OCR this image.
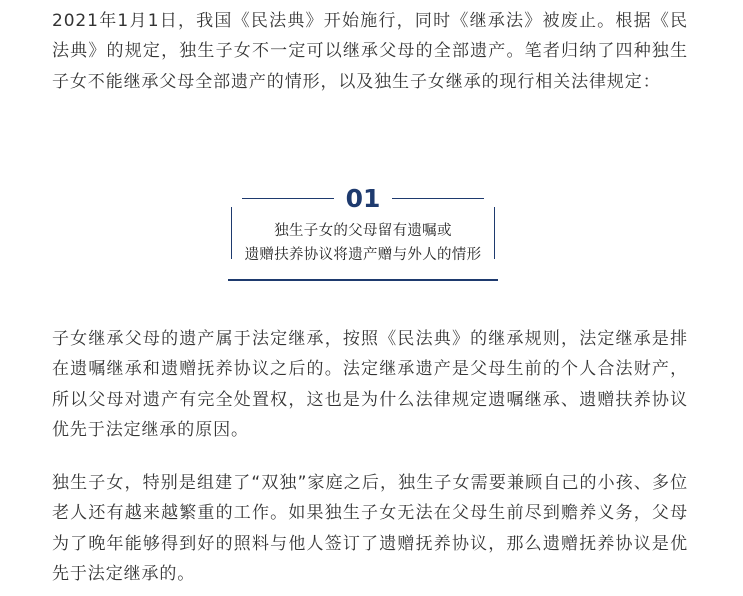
2021年1月1日，我国《民法典》开始施行，同时《继承法》被废止。根据《民法典》的规定，独生子女不一定可以继承父母的全部遗产。笔者归纳了四种独生子女不能继承父母全部遗产的情形，以及独生子女继承的现行相关法律规定：

01
独生子女的父母留有遗嘱或
遗赠扶养协议将遗产赠与外人的情形

子女继承父母的遗产属于法定继承，按照《民法典》的继承规则，法定继承是排在遗嘱继承和遗赠抚养协议之后的。法定继承遗产是父母生前的个人合法财产，所以父母对遗产有完全处置权，这也是为什么法律规定遗嘱继承、遗赠扶养协议优先于法定继承的原因。

独生子女，特别是组建了“双独”家庭之后，独生子女需要兼顾自己的小孩、多位老人还有越来越繁重的工作。如果独生子女无法在父母生前尽到赡养义务，父母为了晚年能够得到好的照料与他人签订了遗赠抚养协议，那么遗赠抚养协议是优先于法定继承的。
